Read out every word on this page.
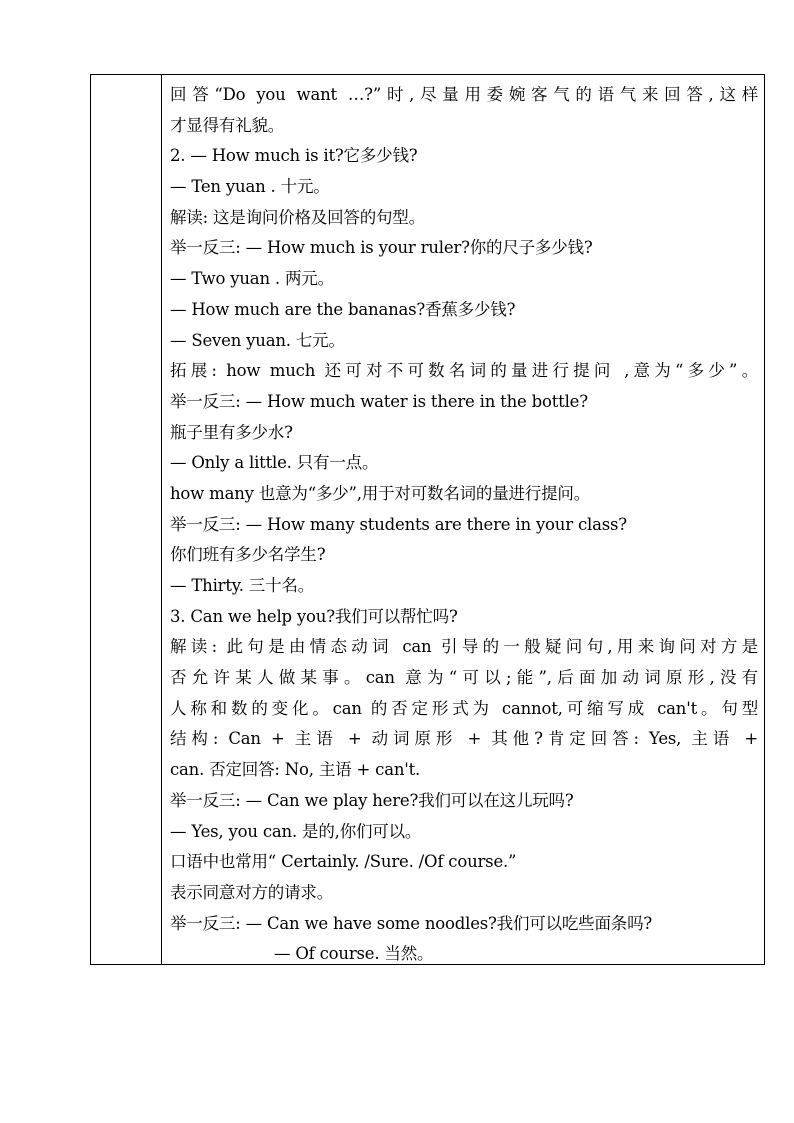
回答“Do you want …?”时,尽量用委婉客气的语气来回答,这样
才显得有礼貌。
2. — How much is it?它多少钱?
— Ten yuan . 十元。
解读: 这是询问价格及回答的句型。
举一反三: — How much is your ruler?你的尺子多少钱?
— Two yuan . 两元。
— How much are the bananas?香蕉多少钱?
— Seven yuan. 七元。
拓展: how much 还可对不可数名词的量进行提问 ,意为“多少”。
举一反三: — How much water is there in the bottle?
瓶子里有多少水?
— Only a little. 只有一点。
how many 也意为“多少”,用于对可数名词的量进行提问。
举一反三: — How many students are there in your class?
你们班有多少名学生?
— Thirty. 三十名。
3. Can we help you?我们可以帮忙吗?
解读: 此句是由情态动词 can 引导的一般疑问句,用来询问对方是
否允许某人做某事。can 意为“可以;能”,后面加动词原形,没有
人称和数的变化。can 的否定形式为 cannot,可缩写成 can't。句型
结构: Can + 主语 + 动词原形 + 其他?肯定回答: Yes, 主语 +
can. 否定回答: No, 主语 + can't.
举一反三: — Can we play here?我们可以在这儿玩吗?
— Yes, you can. 是的,你们可以。
口语中也常用“ Certainly. /Sure. /Of course.”
表示同意对方的请求。
举一反三: — Can we have some noodles?我们可以吃些面条吗?
— Of course. 当然。
